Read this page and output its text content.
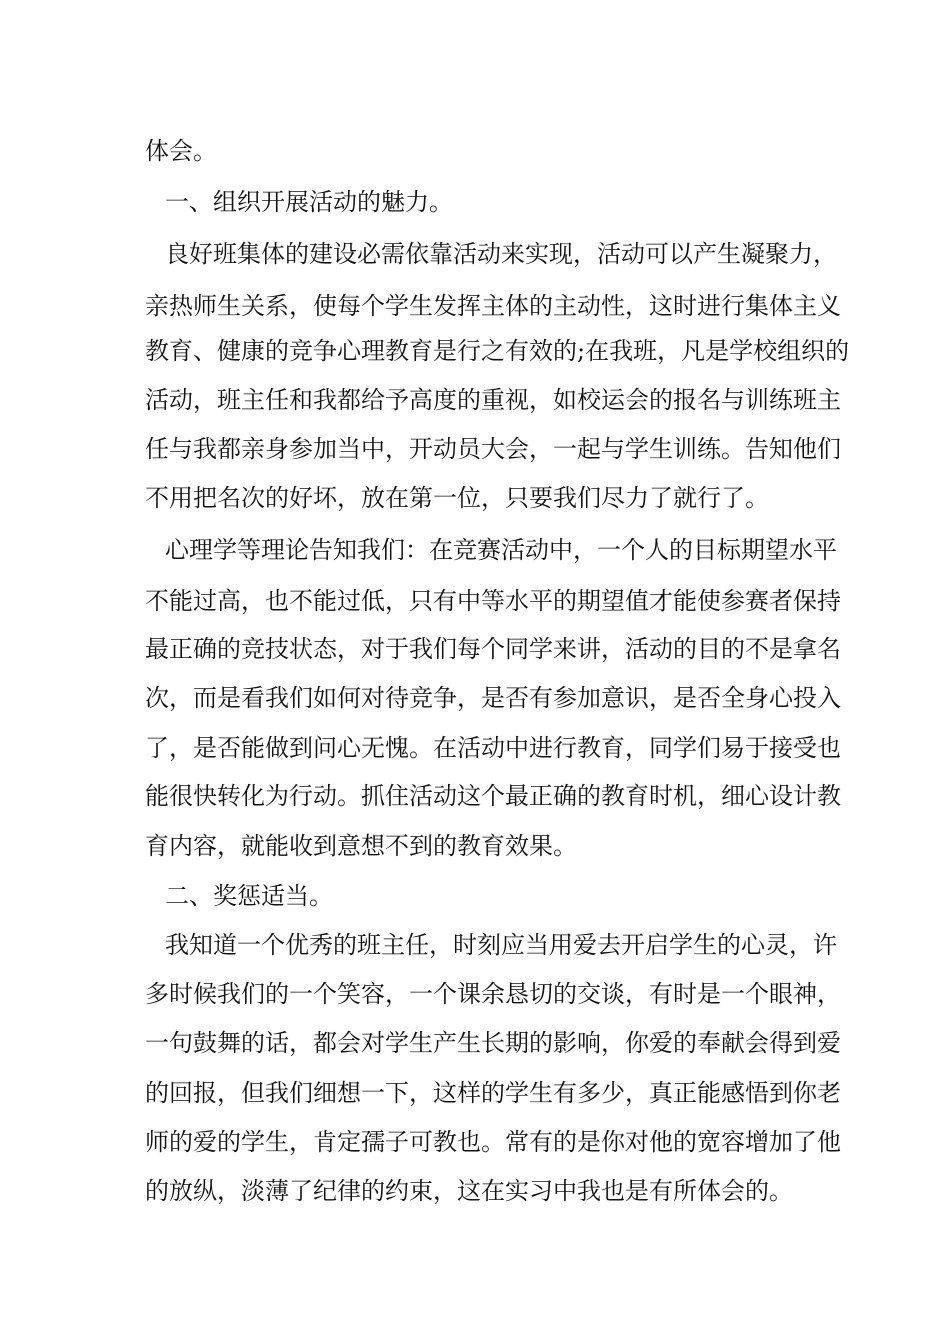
体会。
一、组织开展活动的魅力。
良好班集体的建设必需依靠活动来实现，活动可以产生凝聚力，
亲热师生关系，使每个学生发挥主体的主动性，这时进行集体主义
教育、健康的竞争心理教育是行之有效的;在我班，凡是学校组织的
活动，班主任和我都给予高度的重视，如校运会的报名与训练班主
任与我都亲身参加当中，开动员大会，一起与学生训练。告知他们
不用把名次的好坏，放在第一位，只要我们尽力了就行了。
心理学等理论告知我们：在竞赛活动中，一个人的目标期望水平
不能过高，也不能过低，只有中等水平的期望值才能使参赛者保持
最正确的竞技状态，对于我们每个同学来讲，活动的目的不是拿名
次，而是看我们如何对待竞争，是否有参加意识，是否全身心投入
了，是否能做到问心无愧。在活动中进行教育，同学们易于接受也
能很快转化为行动。抓住活动这个最正确的教育时机，细心设计教
育内容，就能收到意想不到的教育效果。
二、奖惩适当。
我知道一个优秀的班主任，时刻应当用爱去开启学生的心灵，许
多时候我们的一个笑容，一个课余恳切的交谈，有时是一个眼神，
一句鼓舞的话，都会对学生产生长期的影响，你爱的奉献会得到爱
的回报，但我们细想一下，这样的学生有多少，真正能感悟到你老
师的爱的学生，肯定孺子可教也。常有的是你对他的宽容增加了他
的放纵，淡薄了纪律的约束，这在实习中我也是有所体会的。
